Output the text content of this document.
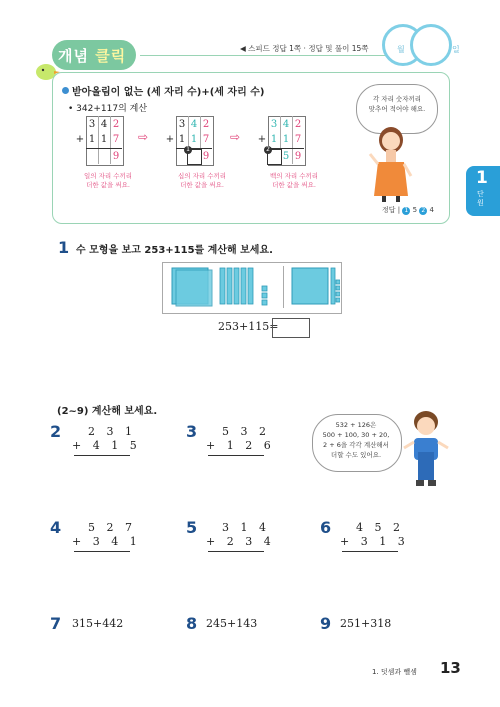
개념 클릭	◀ 스피드 정답 1쪽 · 정답 및 풀이 15쪽	월	일
받아올림이 없는 (세 자리 수)+(세 자리 수)
• 342+117의 계산
3 4 2
+ 1 1 7
9
일의 자리 수끼리
더한 값을 써요.
⇨
3 4 2
+ 1 1 7
1
9
십의 자리 수끼리
더한 값을 써요.
⇨
3 4 2
+ 1 1 7
2
5 9
백의 자리 수끼리
더한 값을 써요.
각 자리 숫자끼리
맞추어 적어야 해요.
정답 | 1 5 2 4
1
단
원
1 수 모형을 보고 253+115를 계산해 보세요.
253+115=
(2~9) 계산해 보세요.
2 2 3 1
+ 4 1 5
3 5 3 2
+ 1 2 6
532 + 126은
500 + 100, 30 + 20,
2 + 6을 각각 계산해서
더할 수도 있어요.
4 5 2 7
+ 3 4 1
5 3 1 4
+ 2 3 4
6 4 5 2
+ 3 1 3
7 315+442	8 245+143	9 251+318
1. 덧셈과 뺄셈 13
